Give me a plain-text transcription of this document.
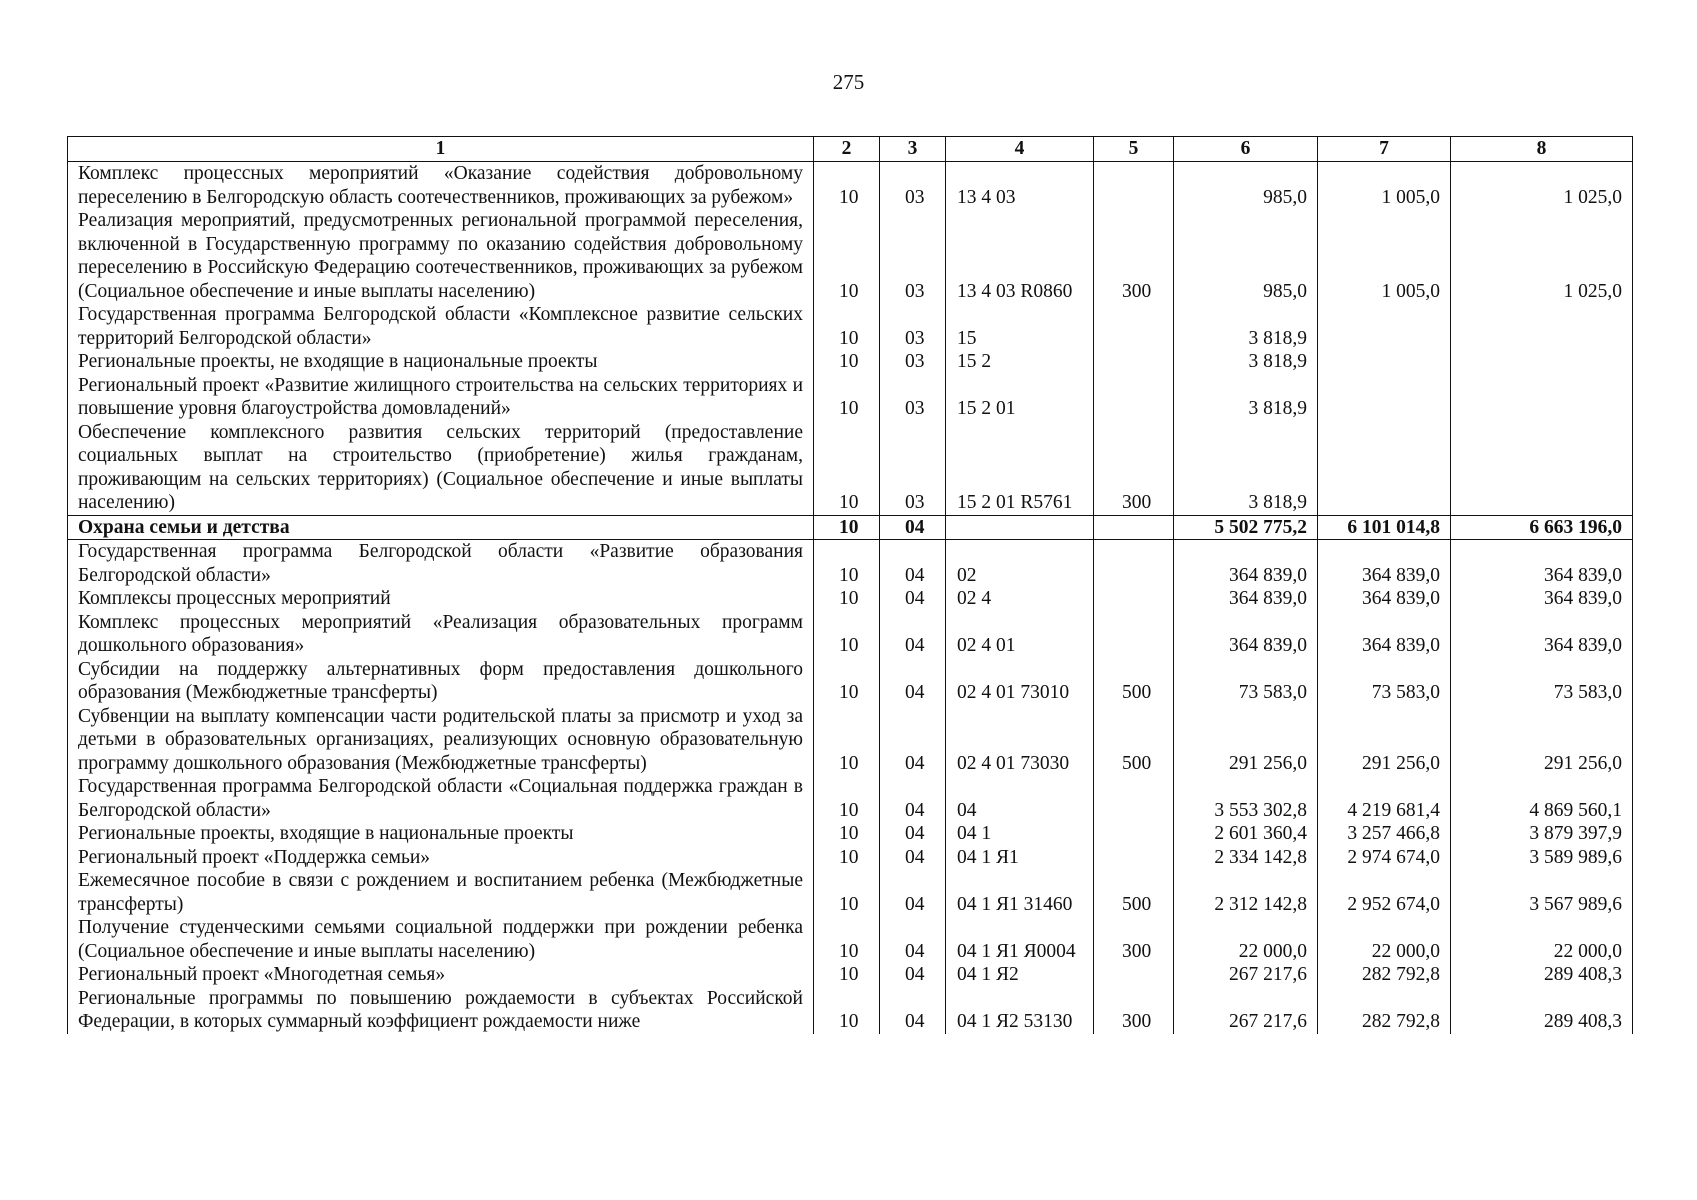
275
1	2	3	4	5	6	7	8
Комплекс процессных мероприятий «Оказание содействия добровольному переселению в Белгородскую область соотечественников, проживающих за рубежом»	10	03	13 4 03		985,0	1 005,0	1 025,0
Реализация мероприятий, предусмотренных региональной программой переселения, включенной в Государственную программу по оказанию содействия добровольному переселению в Российскую Федерацию соотечественников, проживающих за рубежом (Социальное обеспечение и иные выплаты населению)	10	03	13 4 03 R0860	300	985,0	1 005,0	1 025,0
Государственная программа Белгородской области «Комплексное развитие сельских территорий Белгородской области»	10	03	15		3 818,9		
Региональные проекты, не входящие в национальные проекты	10	03	15 2		3 818,9		
Региональный проект «Развитие жилищного строительства на сельских территориях и повышение уровня благоустройства домовладений»	10	03	15 2 01		3 818,9		
Обеспечение комплексного развития сельских территорий (предоставление социальных выплат на строительство (приобретение) жилья гражданам, проживающим на сельских территориях) (Социальное обеспечение и иные выплаты населению)	10	03	15 2 01 R5761	300	3 818,9		
Охрана семьи и детства	10	04			5 502 775,2	6 101 014,8	6 663 196,0
Государственная программа Белгородской области «Развитие образования Белгородской области»	10	04	02		364 839,0	364 839,0	364 839,0
Комплексы процессных мероприятий	10	04	02 4		364 839,0	364 839,0	364 839,0
Комплекс процессных мероприятий «Реализация образовательных программ дошкольного образования»	10	04	02 4 01		364 839,0	364 839,0	364 839,0
Субсидии на поддержку альтернативных форм предоставления дошкольного образования (Межбюджетные трансферты)	10	04	02 4 01 73010	500	73 583,0	73 583,0	73 583,0
Субвенции на выплату компенсации части родительской платы за присмотр и уход за детьми в образовательных организациях, реализующих основную образовательную программу дошкольного образования (Межбюджетные трансферты)	10	04	02 4 01 73030	500	291 256,0	291 256,0	291 256,0
Государственная программа Белгородской области «Социальная поддержка граждан в Белгородской области»	10	04	04		3 553 302,8	4 219 681,4	4 869 560,1
Региональные проекты, входящие в национальные проекты	10	04	04 1		2 601 360,4	3 257 466,8	3 879 397,9
Региональный проект «Поддержка семьи»	10	04	04 1 Я1		2 334 142,8	2 974 674,0	3 589 989,6
Ежемесячное пособие в связи с рождением и воспитанием ребенка (Межбюджетные трансферты)	10	04	04 1 Я1 31460	500	2 312 142,8	2 952 674,0	3 567 989,6
Получение студенческими семьями социальной поддержки при рождении ребенка (Социальное обеспечение и иные выплаты населению)	10	04	04 1 Я1 Я0004	300	22 000,0	22 000,0	22 000,0
Региональный проект «Многодетная семья»	10	04	04 1 Я2		267 217,6	282 792,8	289 408,3
Региональные программы по повышению рождаемости в субъектах Российской Федерации, в которых суммарный коэффициент рождаемости ниже	10	04	04 1 Я2 53130	300	267 217,6	282 792,8	289 408,3
